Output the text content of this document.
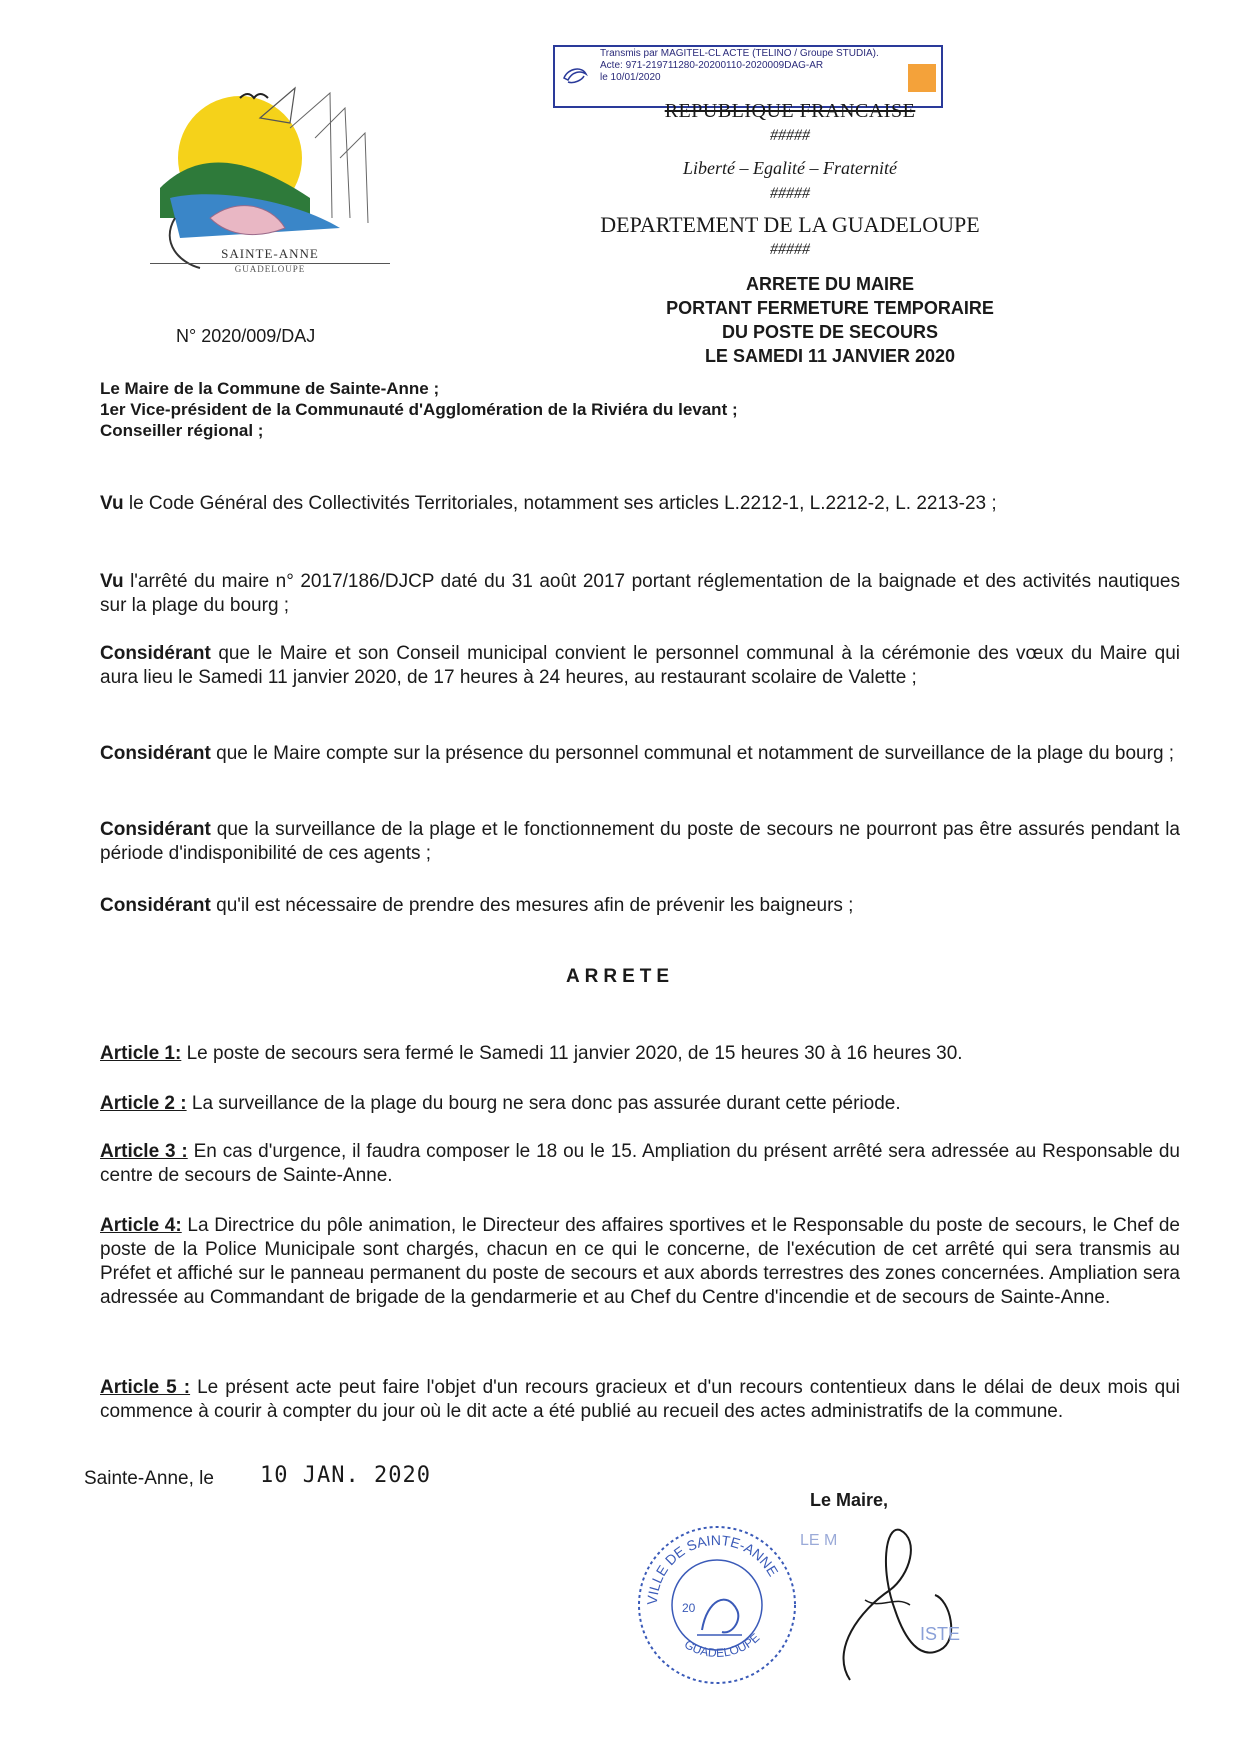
Transmis par MAGITEL-CL ACTE (TELINO / Groupe STUDIA).
Acte: 971-219711280-20200110-2020009DAG-AR
le 10/01/2020
SAINTE-ANNE
GUADELOUPE
REPUBLIQUE FRANCAISE
#####
Liberté – Egalité – Fraternité
#####
DEPARTEMENT DE LA GUADELOUPE
#####
ARRETE DU MAIRE
PORTANT FERMETURE TEMPORAIRE
DU POSTE DE SECOURS
LE SAMEDI 11 JANVIER 2020
N° 2020/009/DAJ
Le Maire de la Commune de Sainte-Anne ;
1er Vice-président de la Communauté d'Agglomération de la Riviéra du levant ;
Conseiller régional ;
Vu le Code Général des Collectivités Territoriales, notamment ses articles L.2212-1, L.2212-2, L. 2213-23 ;
Vu l'arrêté du maire n° 2017/186/DJCP daté du 31 août 2017 portant réglementation de la baignade et des activités nautiques sur la plage du bourg ;
Considérant que le Maire et son Conseil municipal convient le personnel communal à la cérémonie des vœux du Maire qui aura lieu le Samedi 11 janvier 2020, de 17 heures à 24 heures, au restaurant scolaire de Valette ;
Considérant que le Maire compte sur la présence du personnel communal et notamment de surveillance de la plage du bourg ;
Considérant que la surveillance de la plage et le fonctionnement du poste de secours ne pourront pas être assurés pendant la période d'indisponibilité de ces agents ;
Considérant qu'il est nécessaire de prendre des mesures afin de prévenir les baigneurs ;
ARRETE
Article 1: Le poste de secours sera fermé le Samedi 11 janvier 2020, de 15 heures 30 à 16 heures 30.
Article 2 : La surveillance de la plage du bourg ne sera donc pas assurée durant cette période.
Article 3 : En cas d'urgence, il faudra composer le 18 ou le 15. Ampliation du présent arrêté sera adressée au Responsable du centre de secours de Sainte-Anne.
Article 4: La Directrice du pôle animation, le Directeur des affaires sportives et le Responsable du poste de secours, le Chef de poste de la Police Municipale sont chargés, chacun en ce qui le concerne, de l'exécution de cet arrêté qui sera transmis au Préfet et affiché sur le panneau permanent du poste de secours et aux abords terrestres des zones concernées. Ampliation sera adressée au Commandant de brigade de la gendarmerie et au Chef du Centre d'incendie et de secours de Sainte-Anne.
Article 5 : Le présent acte peut faire l'objet d'un recours gracieux et d'un recours contentieux dans le délai de deux mois qui commence à courir à compter du jour où le dit acte a été publié au recueil des actes administratifs de la commune.
Sainte-Anne, le 10 JAN. 2020
Le Maire,
VILLE DE SAINTE-ANNE
GUADELOUPE
20
ISTE
LE M
